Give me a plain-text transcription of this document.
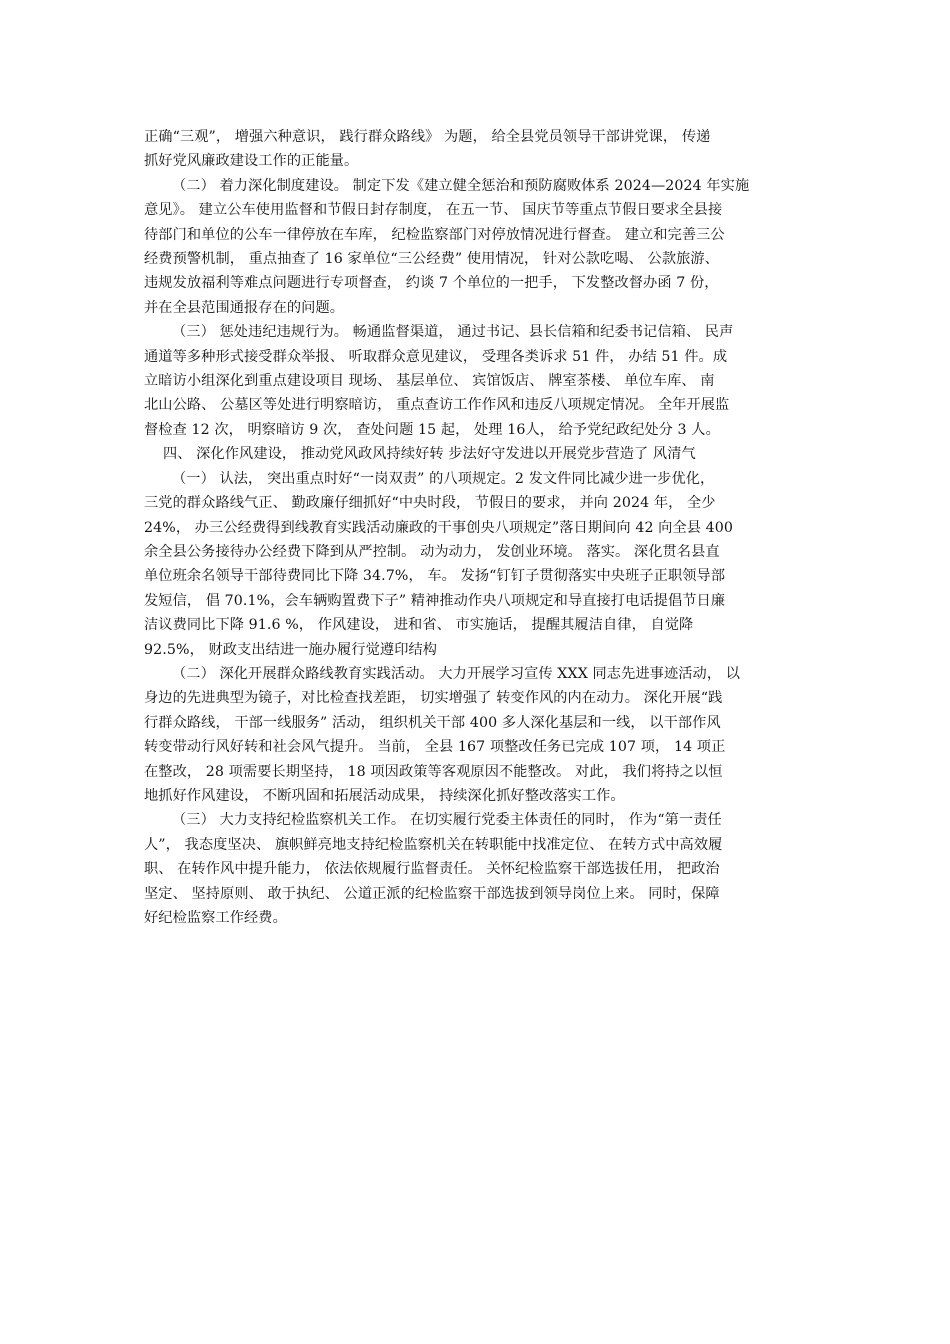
正确“三观”， 增强六种意识， 践行群众路线》 为题， 给全县党员领导干部讲党课， 传递
抓好党风廉政建设工作的正能量。
（二） 着力深化制度建设。 制定下发《建立健全惩治和预防腐败体系 2024—2024 年实施
意见》。 建立公车使用监督和节假日封存制度， 在五一节、 国庆节等重点节假日要求全县接
待部门和单位的公车一律停放在车库， 纪检监察部门对停放情况进行督查。 建立和完善三公
经费预警机制， 重点抽查了 16 家单位“三公经费” 使用情况， 针对公款吃喝、 公款旅游、
违规发放福利等难点问题进行专项督查， 约谈 7 个单位的一把手， 下发整改督办函 7 份，
并在全县范围通报存在的问题。
（三） 惩处违纪违规行为。 畅通监督渠道， 通过书记、县长信箱和纪委书记信箱、 民声
通道等多种形式接受群众举报、 听取群众意见建议， 受理各类诉求 51 件， 办结 51 件。成
立暗访小组深化到重点建设项目 现场、 基层单位、 宾馆饭店、 牌室茶楼、 单位车库、 南
北山公路、 公墓区等处进行明察暗访， 重点查访工作作风和违反八项规定情况。 全年开展监
督检查 12 次， 明察暗访 9 次， 查处问题 15 起， 处理 16人， 给予党纪政纪处分 3 人。
四、 深化作风建设， 推动党风政风持续好转 步法好守发进以开展党步营造了 风清气
（一） 认法， 突出重点时好“一岗双责” 的八项规定。2 发文件同比减少进一步优化，
三党的群众路线气正、 勤政廉仔细抓好“中央时段， 节假日的要求， 并向 2024 年， 全少
24%， 办三公经费得到线教育实践活动廉政的干事创央八项规定”落日期间向 42 向全县 400
余全县公务接待办公经费下降到从严控制。 动为动力， 发创业环境。 落实。 深化贯名县直
单位班余名领导干部待费同比下降 34.7%， 车。 发扬“钉钉子贯彻落实中央班子正职领导部
发短信， 倡 70.1%，会车辆购置费下子” 精神推动作央八项规定和导直接打电话提倡节日廉
洁议费同比下降 91.6 %， 作风建设， 进和省、 市实施话， 提醒其履洁自律， 自觉降
92.5%， 财政支出结进一施办履行觉遵印结构
（二） 深化开展群众路线教育实践活动。 大力开展学习宣传 XXX 同志先进事迹活动， 以
身边的先进典型为镜子，对比检查找差距， 切实增强了 转变作风的内在动力。 深化开展“践
行群众路线， 干部一线服务” 活动， 组织机关干部 400 多人深化基层和一线， 以干部作风
转变带动行风好转和社会风气提升。 当前， 全县 167 项整改任务已完成 107 项， 14 项正
在整改， 28 项需要长期坚持， 18 项因政策等客观原因不能整改。 对此， 我们将持之以恒
地抓好作风建设， 不断巩固和拓展活动成果， 持续深化抓好整改落实工作。
（三） 大力支持纪检监察机关工作。 在切实履行党委主体责任的同时， 作为“第一责任
人”， 我态度坚决、 旗帜鲜亮地支持纪检监察机关在转职能中找准定位、 在转方式中高效履
职、 在转作风中提升能力， 依法依规履行监督责任。 关怀纪检监察干部选拔任用， 把政治
坚定、 坚持原则、 敢于执纪、 公道正派的纪检监察干部选拔到领导岗位上来。 同时，保障
好纪检监察工作经费。
